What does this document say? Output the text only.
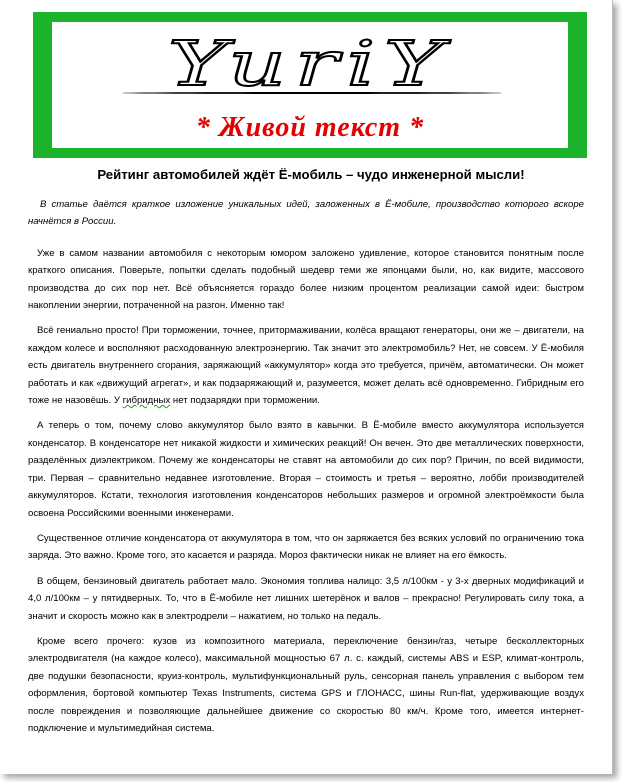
YuriY
* Живой текст *
Рейтинг автомобилей ждёт Ё-мобиль – чудо инженерной мысли!

В статье даётся краткое изложение уникальных идей, заложенных в Ё-мобиле, производство которого вскоре начнётся в России.

Уже в самом названии автомобиля с некоторым юмором заложено удивление, которое становится понятным после краткого описания. Поверьте, попытки сделать подобный шедевр теми же японцами были, но, как видите, массового производства до сих пор нет. Всё объясняется гораздо более низким процентом реализации самой идеи: быстром накоплении энергии, потраченной на разгон. Именно так!

Всё гениально просто! При торможении, точнее, притормаживании, колёса вращают генераторы, они же – двигатели, на каждом колесе и восполняют расходованную электроэнергию. Так значит это электромобиль? Нет, не совсем. У Ё-мобиля есть двигатель внутреннего сгорания, заряжающий «аккумулятор» когда это требуется, причём, автоматически. Он может работать и как «движущий агрегат», и как подзаряжающий и, разумеется, может делать всё одновременно. Гибридным его тоже не назовёшь. У гибридных нет подзарядки при торможении.

А теперь о том, почему слово аккумулятор было взято в кавычки. В Ё-мобиле вместо аккумулятора используется конденсатор. В конденсаторе нет никакой жидкости и химических реакций! Он вечен. Это две металлических поверхности, разделённых диэлектриком. Почему же конденсаторы не ставят на автомобили до сих пор? Причин, по всей видимости, три. Первая – сравнительно недавнее изготовление. Вторая – стоимость и третья – вероятно, лобби производителей аккумуляторов. Кстати, технология изготовления конденсаторов небольших размеров и огромной электроёмкости была освоена Российскими военными инженерами.

Существенное отличие конденсатора от аккумулятора в том, что он заряжается без всяких условий по ограничению тока заряда. Это важно. Кроме того, это касается и разряда. Мороз фактически никак не влияет на его ёмкость.

В общем, бензиновый двигатель работает мало. Экономия топлива налицо: 3,5 л/100км - у 3-х дверных модификаций и 4,0 л/100км – у пятидверных. То, что в Ё-мобиле нет лишних шетерёнок и валов – прекрасно! Регулировать силу тока, а значит и скорость можно как в электродрели – нажатием, но только на педаль.

Кроме всего прочего: кузов из композитного материала, переключение бензин/газ, четыре бесколлекторных электродвигателя (на каждое колесо), максимальной мощностью 67 л. с. каждый, системы ABS и ESP, климат-контроль, две подушки безопасности, круиз-контроль, мультифункциональный руль, сенсорная панель управления с выбором тем оформления, бортовой компьютер Texas Instruments, система GPS и ГЛОНАСС, шины Run-flat, удерживающие воздух после повреждения и позволяющие дальнейшее движение со скоростью 80 км/ч. Кроме того, имеется интернет-подключение и мультимедийная система.
